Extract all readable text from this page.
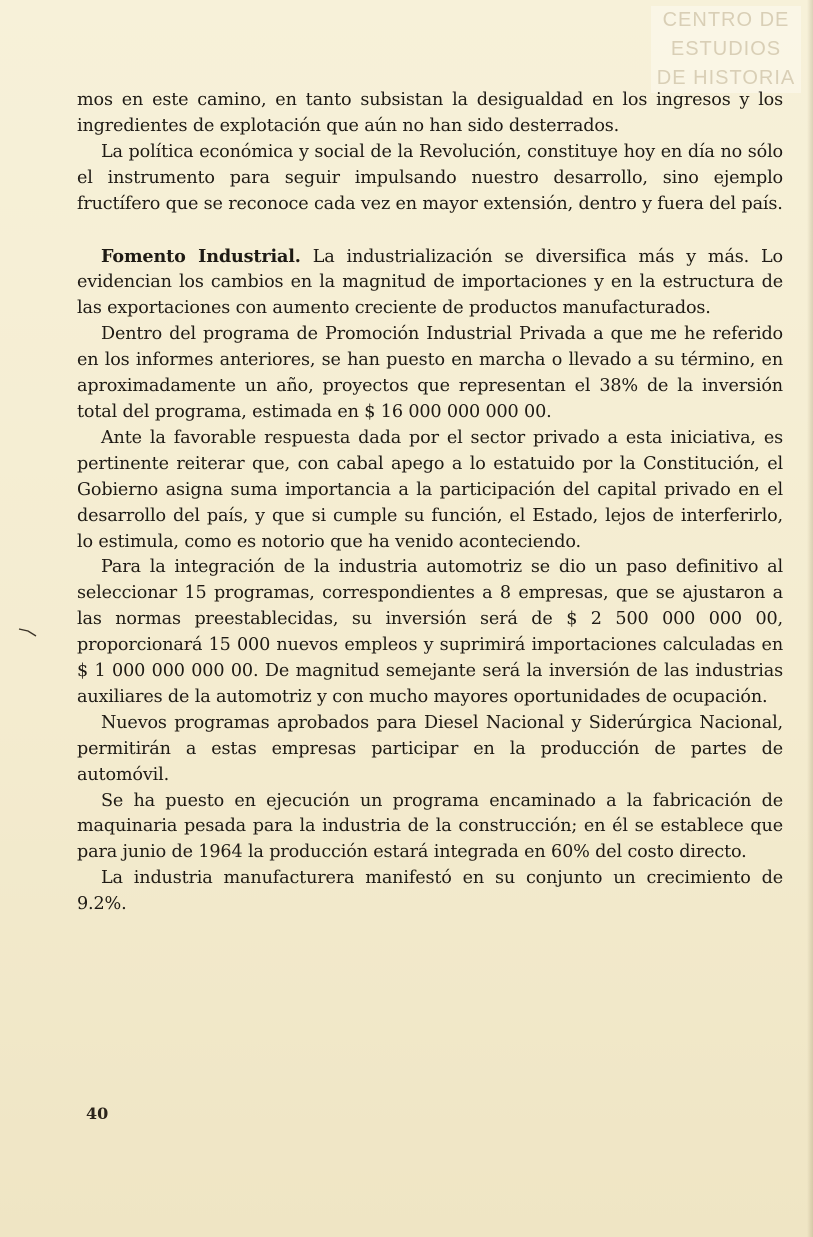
CENTRO DE
ESTUDIOS
DE HISTORIA

mos en este camino, en tanto subsistan la desigualdad en los ingresos y los ingredientes de explotación que aún no han sido desterrados.

La política económica y social de la Revolución, constituye hoy en día no sólo el instrumento para seguir impulsando nuestro desarrollo, sino ejemplo fructífero que se reconoce cada vez en mayor extensión, dentro y fuera del país.

Fomento Industrial. La industrialización se diversifica más y más. Lo evidencian los cambios en la magnitud de importaciones y en la estructura de las exportaciones con aumento creciente de productos manufacturados.

Dentro del programa de Promoción Industrial Privada a que me he referido en los informes anteriores, se han puesto en marcha o llevado a su término, en aproximadamente un año, proyectos que representan el 38% de la inversión total del programa, estimada en $ 16 000 000 000 00.

Ante la favorable respuesta dada por el sector privado a esta iniciativa, es pertinente reiterar que, con cabal apego a lo estatuido por la Constitución, el Gobierno asigna suma importancia a la participación del capital privado en el desarrollo del país, y que si cumple su función, el Estado, lejos de interferirlo, lo estimula, como es notorio que ha venido aconteciendo.

Para la integración de la industria automotriz se dio un paso definitivo al seleccionar 15 programas, correspondientes a 8 empresas, que se ajustaron a las normas preestablecidas, su inversión será de $ 2 500 000 000 00, proporcionará 15 000 nuevos empleos y suprimirá importaciones calculadas en $ 1 000 000 000 00. De magnitud semejante será la inversión de las industrias auxiliares de la automotriz y con mucho mayores oportunidades de ocupación.

Nuevos programas aprobados para Diesel Nacional y Siderúrgica Nacional, permitirán a estas empresas participar en la producción de partes de automóvil.

Se ha puesto en ejecución un programa encaminado a la fabricación de maquinaria pesada para la industria de la construcción; en él se establece que para junio de 1964 la producción estará integrada en 60% del costo directo.

La industria manufacturera manifestó en su conjunto un crecimiento de 9.2%.

40
